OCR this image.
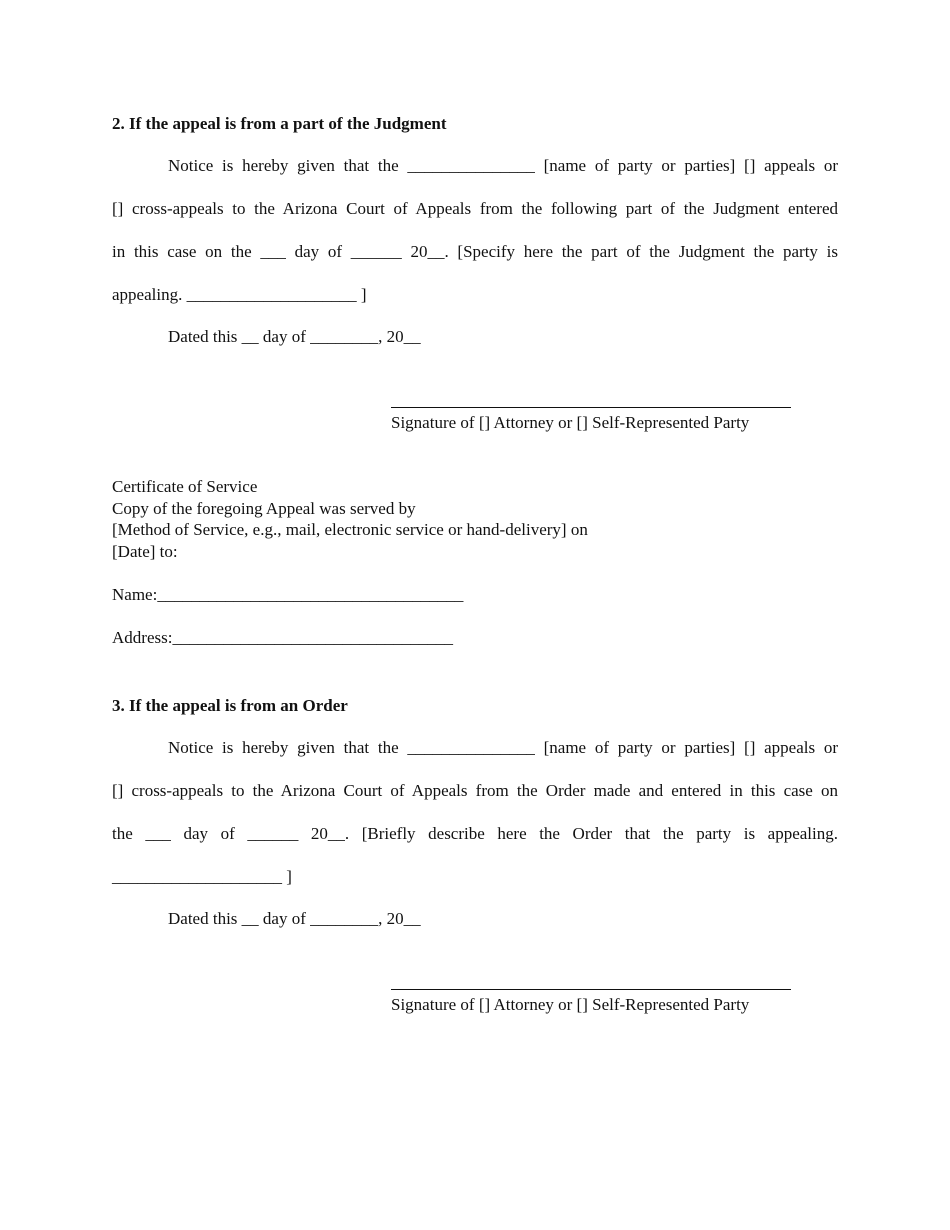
2. If the appeal is from a part of the Judgment
Notice is hereby given that the _______________ [name of party or parties] [] appeals or
[] cross-appeals to the Arizona Court of Appeals from the following part of the Judgment entered
in this case on the ___ day of ______ 20__. [Specify here the part of the Judgment the party is
appealing. ____________________ ]
Dated this __ day of ________, 20__
Signature of [] Attorney or [] Self-Represented Party
Certificate of Service
Copy of the foregoing Appeal was served by
[Method of Service, e.g., mail, electronic service or hand-delivery] on
[Date] to:
Name:____________________________________
Address:_________________________________
3. If the appeal is from an Order
Notice is hereby given that the _______________ [name of party or parties] [] appeals or
[] cross-appeals to the Arizona Court of Appeals from the Order made and entered in this case on
the ___ day of ______ 20__. [Briefly describe here the Order that the party is appealing.
____________________ ]
Dated this __ day of ________, 20__
Signature of [] Attorney or [] Self-Represented Party
